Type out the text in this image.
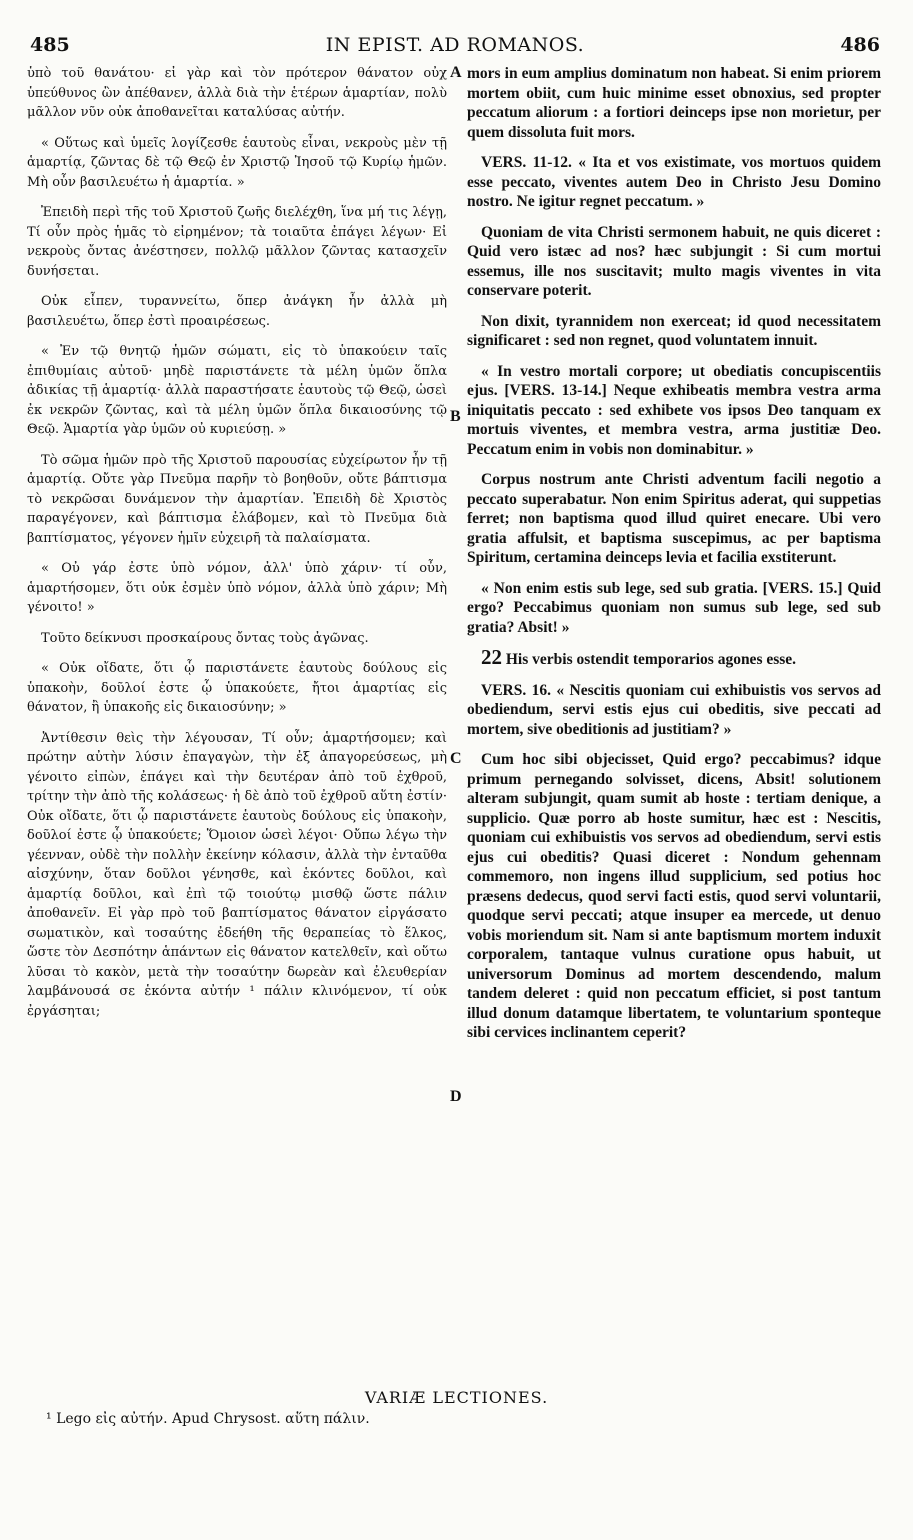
485	IN EPIST. AD ROMANOS.	486

ὑπὸ τοῦ θανάτου· εἰ γὰρ καὶ τὸν πρότερον θάνατον οὐχ ὑπεύθυνος ὢν ἀπέθανεν, ἀλλὰ διὰ τὴν ἑτέρων ἁμαρτίαν, πολὺ μᾶλλον νῦν οὐκ ἀποθανεῖται καταλύσας αὐτήν.

« Οὕτως καὶ ὑμεῖς λογίζεσθε ἑαυτοὺς εἶναι, νεκροὺς μὲν τῇ ἁμαρτίᾳ, ζῶντας δὲ τῷ Θεῷ ἐν Χριστῷ Ἰησοῦ τῷ Κυρίῳ ἡμῶν. Μὴ οὖν βασιλευέτω ἡ ἁμαρτία. »

Ἐπειδὴ περὶ τῆς τοῦ Χριστοῦ ζωῆς διελέχθη, ἵνα μή τις λέγῃ, Τί οὖν πρὸς ἡμᾶς τὸ εἰρημένον; τὰ τοιαῦτα ἐπάγει λέγων· Εἰ νεκροὺς ὄντας ἀνέστησεν, πολλῷ μᾶλλον ζῶντας κατασχεῖν δυνήσεται.

Οὐκ εἶπεν, τυραννείτω, ὅπερ ἀνάγκη ἦν ἀλλὰ μὴ βασιλευέτω, ὅπερ ἐστὶ προαιρέσεως.

« Ἐν τῷ θνητῷ ἡμῶν σώματι, εἰς τὸ ὑπακούειν ταῖς ἐπιθυμίαις αὐτοῦ· μηδὲ παριστάνετε τὰ μέλη ὑμῶν ὅπλα ἀδικίας τῇ ἁμαρτίᾳ· ἀλλὰ παραστήσατε ἑαυτοὺς τῷ Θεῷ, ὡσεὶ ἐκ νεκρῶν ζῶντας, καὶ τὰ μέλη ὑμῶν ὅπλα δικαιοσύνης τῷ Θεῷ. Ἁμαρτία γὰρ ὑμῶν οὐ κυριεύσῃ. »

Τὸ σῶμα ἡμῶν πρὸ τῆς Χριστοῦ παρουσίας εὐχείρωτον ἦν τῇ ἁμαρτίᾳ. Οὔτε γὰρ Πνεῦμα παρῆν τὸ βοηθοῦν, οὔτε βάπτισμα τὸ νεκρῶσαι δυνάμενον τὴν ἁμαρτίαν. Ἐπειδὴ δὲ Χριστὸς παραγέγονεν, καὶ βάπτισμα ἐλάβομεν, καὶ τὸ Πνεῦμα διὰ βαπτίσματος, γέγονεν ἡμῖν εὐχειρῆ τὰ παλαίσματα.

« Οὐ γάρ ἐστε ὑπὸ νόμον, ἀλλ' ὑπὸ χάριν· τί οὖν, ἁμαρτήσομεν, ὅτι οὐκ ἐσμὲν ὑπὸ νόμον, ἀλλὰ ὑπὸ χάριν; Μὴ γένοιτο! »

Τοῦτο δείκνυσι προσκαίρους ὄντας τοὺς ἀγῶνας.

« Οὐκ οἴδατε, ὅτι ᾧ παριστάνετε ἑαυτοὺς δούλους εἰς ὑπακοὴν, δοῦλοί ἐστε ᾧ ὑπακούετε, ἤτοι ἁμαρτίας εἰς θάνατον, ἢ ὑπακοῆς εἰς δικαιοσύνην; »

Ἀντίθεσιν θεὶς τὴν λέγουσαν, Τί οὖν; ἁμαρτήσομεν; καὶ πρώτην αὐτὴν λύσιν ἐπαγαγὼν, τὴν ἐξ ἀπαγορεύσεως, μὴ γένοιτο εἰπὼν, ἐπάγει καὶ τὴν δευτέραν ἀπὸ τοῦ ἐχθροῦ, τρίτην τὴν ἀπὸ τῆς κολάσεως· ἡ δὲ ἀπὸ τοῦ ἐχθροῦ αὕτη ἐστίν· Οὐκ οἴδατε, ὅτι ᾧ παριστάνετε ἑαυτοὺς δούλους εἰς ὑπακοὴν, δοῦλοί ἐστε ᾧ ὑπακούετε; Ὅμοιον ὡσεὶ λέγοι· Οὔπω λέγω τὴν γέενναν, οὐδὲ τὴν πολλὴν ἐκείνην κόλασιν, ἀλλὰ τὴν ἐνταῦθα αἰσχύνην, ὅταν δοῦλοι γένησθε, καὶ ἑκόντες δοῦλοι, καὶ ἁμαρτίᾳ δοῦλοι, καὶ ἐπὶ τῷ τοιούτῳ μισθῷ ὥστε πάλιν ἀποθανεῖν. Εἰ γὰρ πρὸ τοῦ βαπτίσματος θάνατον εἰργάσατο σωματικὸν, καὶ τοσαύτης ἐδεήθη τῆς θεραπείας τὸ ἕλκος, ὥστε τὸν Δεσπότην ἁπάντων εἰς θάνατον κατελθεῖν, καὶ οὕτω λῦσαι τὸ κακὸν, μετὰ τὴν τοσαύτην δωρεὰν καὶ ἐλευθερίαν λαμβάνουσά σε ἑκόντα αὐτήν ¹ πάλιν κλινόμενον, τί οὐκ ἐργάσηται;

A
B
C
D

mors in eum amplius dominatum non habeat. Si enim priorem mortem obiit, cum huic minime esset obnoxius, sed propter peccatum aliorum : a fortiori deinceps ipse non morietur, per quem dissoluta fuit mors.

VERS. 11-12. « Ita et vos existimate, vos mortuos quidem esse peccato, viventes autem Deo in Christo Jesu Domino nostro. Ne igitur regnet peccatum. »

Quoniam de vita Christi sermonem habuit, ne quis diceret : Quid vero istæc ad nos? hæc subjungit : Si cum mortui essemus, ille nos suscitavit; multo magis viventes in vita conservare poterit.

Non dixit, tyrannidem non exerceat; id quod necessitatem significaret : sed non regnet, quod voluntatem innuit.

« In vestro mortali corpore; ut obediatis concupiscentiis ejus. [VERS. 13-14.] Neque exhibeatis membra vestra arma iniquitatis peccato : sed exhibete vos ipsos Deo tanquam ex mortuis viventes, et membra vestra, arma justitiæ Deo. Peccatum enim in vobis non dominabitur. »

Corpus nostrum ante Christi adventum facili negotio a peccato superabatur. Non enim Spiritus aderat, qui suppetias ferret; non baptisma quod illud quiret enecare. Ubi vero gratia affulsit, et baptisma suscepimus, ac per baptisma Spiritum, certamina deinceps levia et facilia exstiterunt.

« Non enim estis sub lege, sed sub gratia. [VERS. 15.] Quid ergo? Peccabimus quoniam non sumus sub lege, sed sub gratia? Absit! »

22 His verbis ostendit temporarios agones esse.

VERS. 16. « Nescitis quoniam cui exhibuistis vos servos ad obediendum, servi estis ejus cui obeditis, sive peccati ad mortem, sive obeditionis ad justitiam? »

Cum hoc sibi objecisset, Quid ergo? peccabimus? idque primum pernegando solvisset, dicens, Absit! solutionem alteram subjungit, quam sumit ab hoste : tertiam denique, a supplicio. Quæ porro ab hoste sumitur, hæc est : Nescitis, quoniam cui exhibuistis vos servos ad obediendum, servi estis ejus cui obeditis? Quasi diceret : Nondum gehennam commemoro, non ingens illud supplicium, sed potius hoc præsens dedecus, quod servi facti estis, quod servi voluntarii, quodque servi peccati; atque insuper ea mercede, ut denuo vobis moriendum sit. Nam si ante baptismum mortem induxit corporalem, tantaque vulnus curatione opus habuit, ut universorum Dominus ad mortem descendendo, malum tandem deleret : quid non peccatum efficiet, si post tantum illud donum datamque libertatem, te voluntarium sponteque sibi cervices inclinantem ceperit?

VARIÆ LECTIONES.
¹ Lego εἰς αὐτήν. Apud Chrysost. αὕτη πάλιν.
